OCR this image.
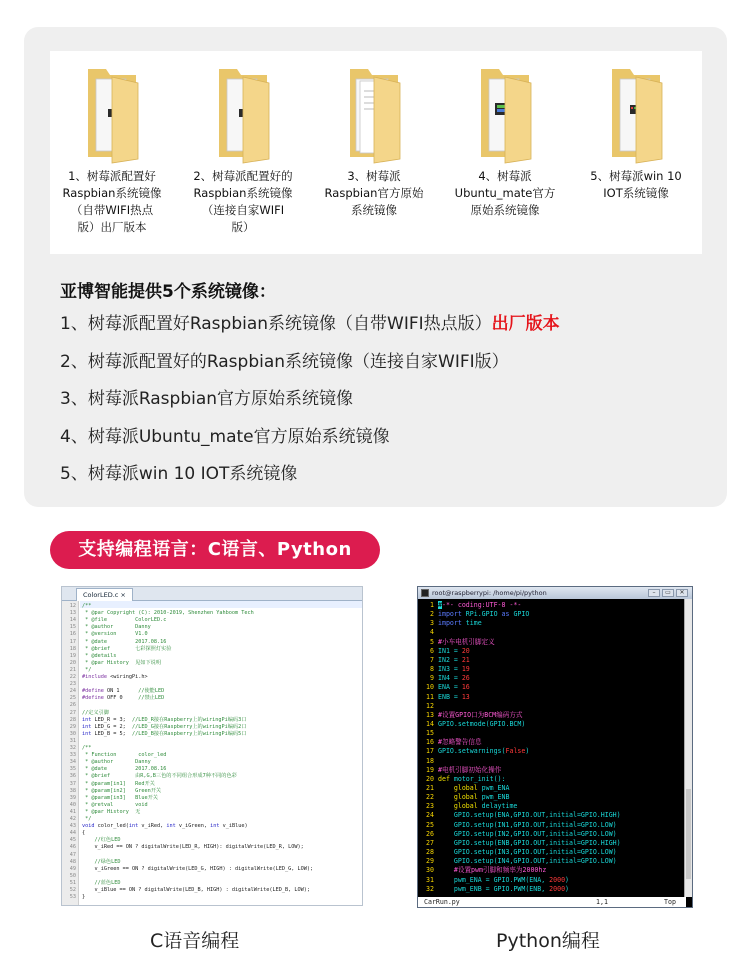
1、树莓派配置好
Raspbian系统镜像
（自带WIFI热点
版）出厂版本
2、树莓派配置好的
Raspbian系统镜像
（连接自家WIFI
版）
3、树莓派
Raspbian官方原始
系统镜像
4、树莓派
Ubuntu_mate官方
原始系统镜像
5、树莓派win 10
IOT系统镜像
亚博智能提供5个系统镜像：
1、树莓派配置好Raspbian系统镜像（自带WIFI热点版）出厂版本
2、树莓派配置好的Raspbian系统镜像（连接自家WIFI版）
3、树莓派Raspbian官方原始系统镜像
4、树莓派Ubuntu_mate官方原始系统镜像
5、树莓派win 10 IOT系统镜像
支持编程语言：C语言、Python
ColorLED.c ×
12 /**
13 * @par Copyright (C): 2010-2019, Shenzhen Yahboom Tech
14 * @file         ColorLED.c
15 * @author       Danny
16 * @version      V1.0
17 * @date         2017.08.16
18 * @brief        七彩探照灯实验
19 * @details
20 * @par History  见如下说明
21 */
22 #include <wiringPi.h>
23
24 #define ON 1      //使能LED
25 #define OFF 0     //禁止LED
26
27 //定义引脚
28 int LED_R = 3;  //LED_R接在Raspberry上的wiringPi编码3口
29 int LED_G = 2;  //LED_G接在Raspberry上的wiringPi编码2口
30 int LED_B = 5;  //LED_B接在Raspberry上的wiringPi编码5口
31
32 /**
33 * Function       color_led
34 * @author       Danny
35 * @date         2017.08.16
36 * @brief        由R,G,B三色的不同组合形成7种不同的色彩
37 * @param[in1]   Red开关
38 * @param[in2]   Green开关
39 * @param[in3]   Blue开关
40 * @retval       void
41 * @par History  无
42 */
43 void color_led(int v_iRed, int v_iGreen, int v_iBlue)
44 {
45    //红色LED
46    v_iRed == ON ? digitalWrite(LED_R, HIGH): digitalWrite(LED_R, LOW);
47
48    //绿色LED
49    v_iGreen == ON ? digitalWrite(LED_G, HIGH) : digitalWrite(LED_G, LOW);
50
51    //蓝色LED
52    v_iBlue == ON ? digitalWrite(LED_B, HIGH) : digitalWrite(LED_B, LOW);
53 }
root@raspberrypi: /home/pi/python	–	▭	✕
1 #-*- coding:UTF-8 -*-
2 import RPi.GPIO as GPIO
3 import time
4
5 #小车电机引脚定义
6 IN1 = 20
7 IN2 = 21
8 IN3 = 19
9 IN4 = 26
10 ENA = 16
11 ENB = 13
12
13 #设置GPIO口为BCM编码方式
14 GPIO.setmode(GPIO.BCM)
15
16 #忽略警告信息
17 GPIO.setwarnings(False)
18
19 #电机引脚初始化操作
20 def motor_init():
21    global pwm_ENA
22    global pwm_ENB
23    global delaytime
24    GPIO.setup(ENA,GPIO.OUT,initial=GPIO.HIGH)
25    GPIO.setup(IN1,GPIO.OUT,initial=GPIO.LOW)
26    GPIO.setup(IN2,GPIO.OUT,initial=GPIO.LOW)
27    GPIO.setup(ENB,GPIO.OUT,initial=GPIO.HIGH)
28    GPIO.setup(IN3,GPIO.OUT,initial=GPIO.LOW)
29    GPIO.setup(IN4,GPIO.OUT,initial=GPIO.LOW)
30    #设置pwm引脚和频率为2000hz
31    pwm_ENA = GPIO.PWM(ENA, 2000)
32    pwm_ENB = GPIO.PWM(ENB, 2000)
CarRun.py	1,1	Top
C语音编程	Python编程
